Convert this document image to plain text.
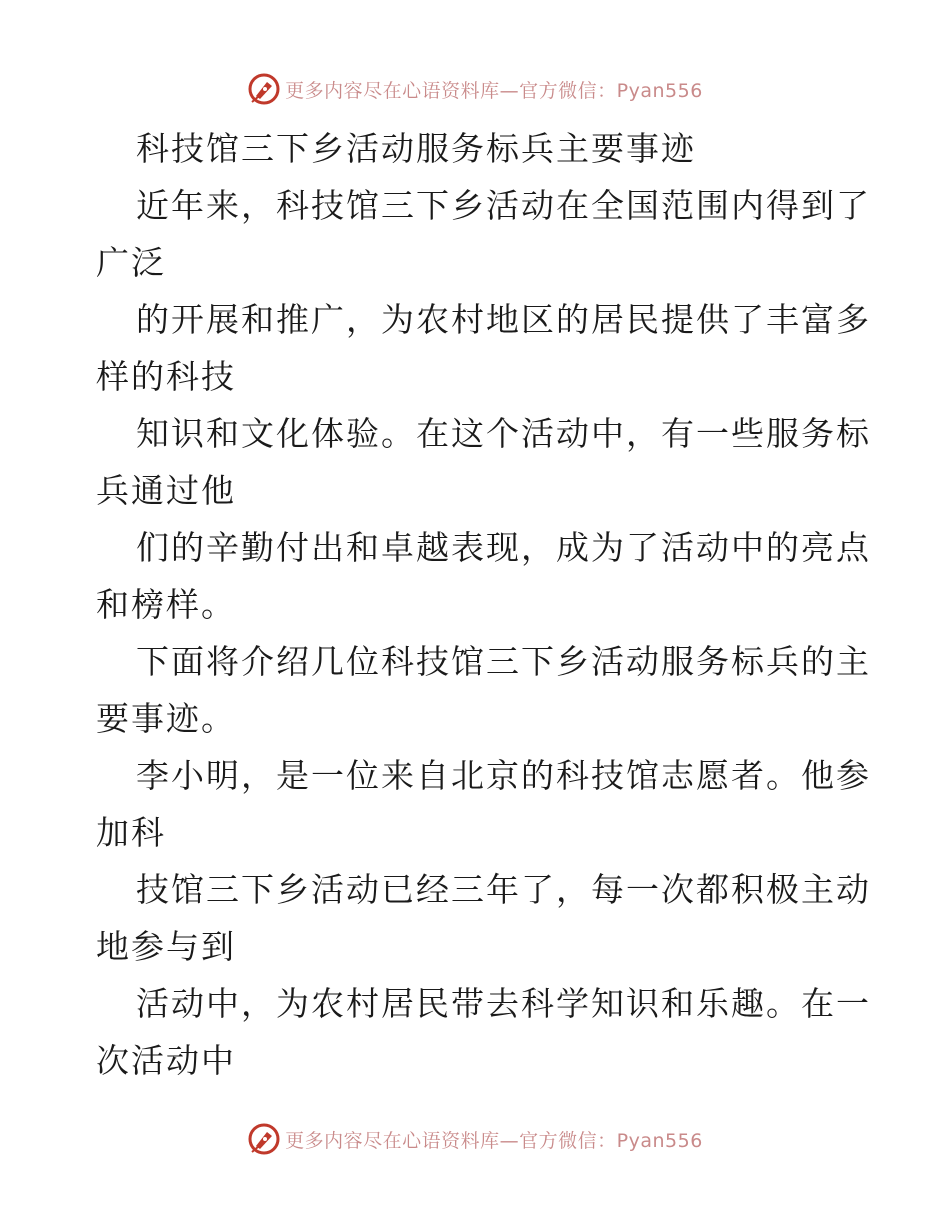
更多内容尽在心语资料库—官方微信：Pyan556
科技馆三下乡活动服务标兵主要事迹
近年来，科技馆三下乡活动在全国范围内得到了
广泛
的开展和推广，为农村地区的居民提供了丰富多
样的科技
知识和文化体验。在这个活动中，有一些服务标
兵通过他
们的辛勤付出和卓越表现，成为了活动中的亮点
和榜样。
下面将介绍几位科技馆三下乡活动服务标兵的主
要事迹。
李小明，是一位来自北京的科技馆志愿者。他参
加科
技馆三下乡活动已经三年了，每一次都积极主动
地参与到
活动中，为农村居民带去科学知识和乐趣。在一
次活动中
更多内容尽在心语资料库—官方微信：Pyan556
